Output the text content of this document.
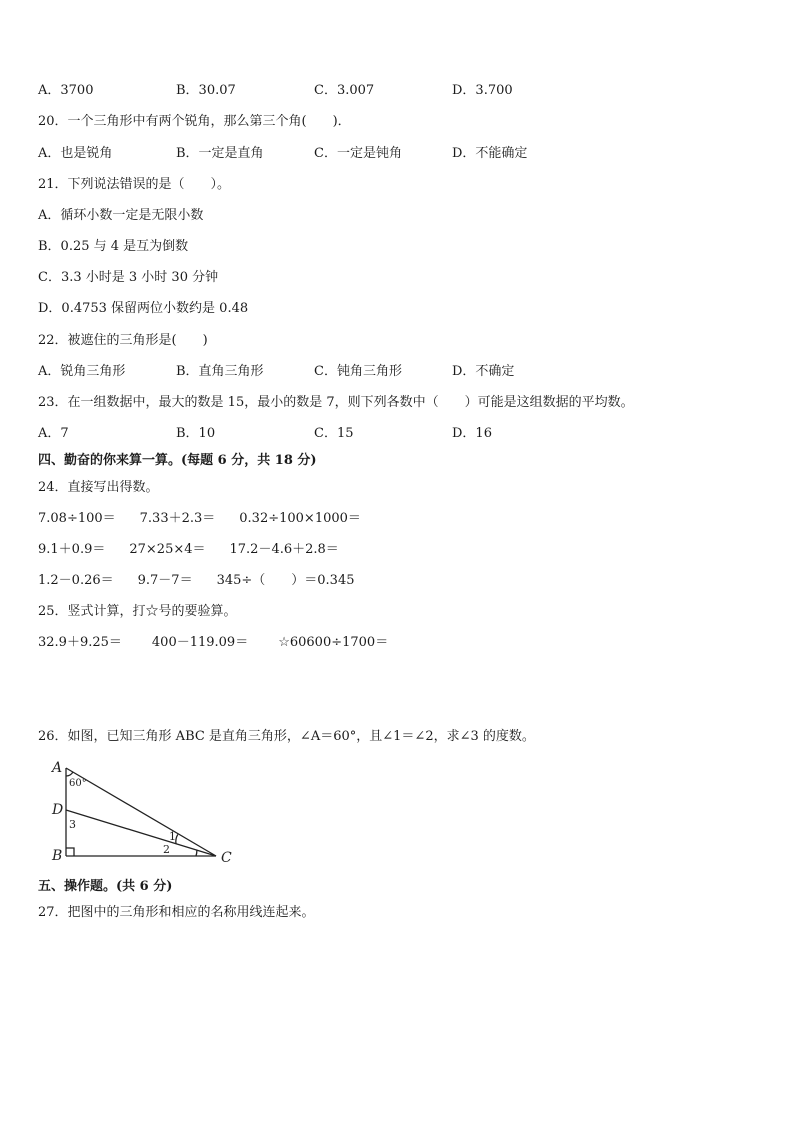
A．3700	B．30.07	C．3.007	D．3.700
20．一个三角形中有两个锐角，那么第三个角(　　)．
A．也是锐角	B．一定是直角	C．一定是钝角	D．不能确定
21．下列说法错误的是（　　）。
A．循环小数一定是无限小数
B．0.25 与 4 是互为倒数
C．3.3 小时是 3 小时 30 分钟
D．0.4753 保留两位小数约是 0.48
22．被遮住的三角形是(　　)
A．锐角三角形	B．直角三角形	C．钝角三角形	D．不确定
23．在一组数据中，最大的数是 15，最小的数是 7，则下列各数中（　　）可能是这组数据的平均数。
A．7	B．10	C．15	D．16
四、勤奋的你来算一算。(每题 6 分，共 18 分)
24．直接写出得数。
7.08÷100＝ 7.33＋2.3＝ 0.32÷100×1000＝
9.1＋0.9＝ 27×25×4＝ 17.2－4.6＋2.8＝
1.2－0.26＝ 9.7－7＝ 345÷（　　）＝0.345
25．竖式计算，打☆号的要验算。
32.9＋9.25＝ 400－119.09＝ ☆60600÷1700＝
26．如图，已知三角形 ABC 是直角三角形，∠A＝60°，且∠1＝∠2，求∠3 的度数。
A
D
B	C
60°
3
2
1
五、操作题。(共 6 分)
27．把图中的三角形和相应的名称用线连起来。
